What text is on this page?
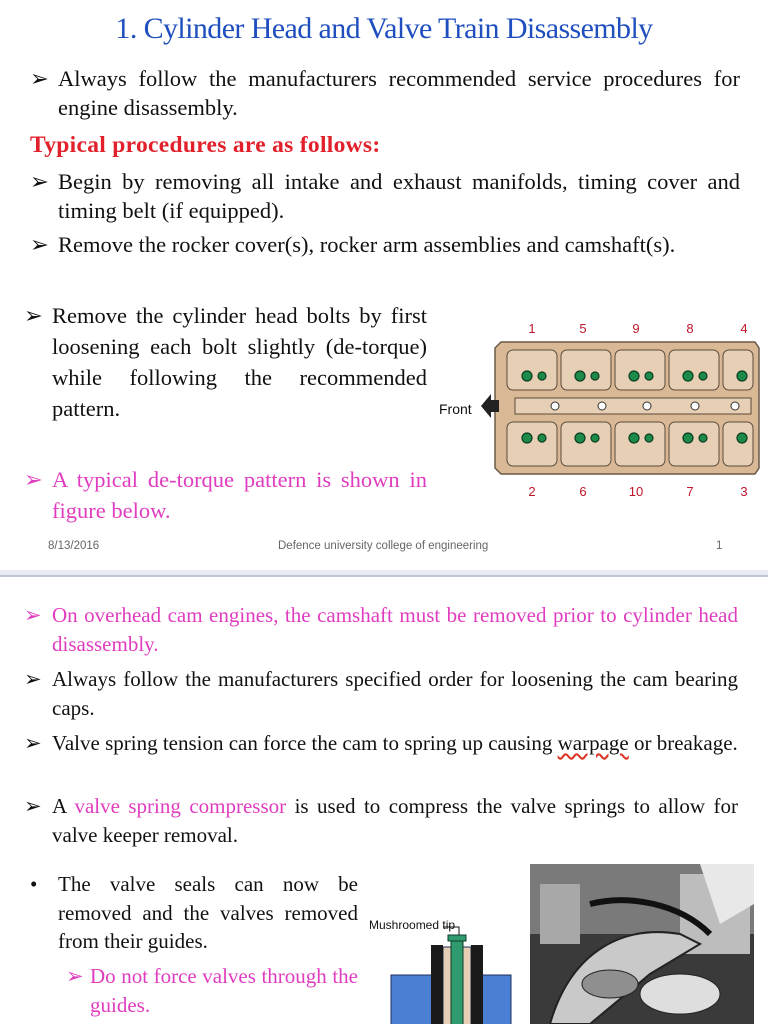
1. Cylinder Head and Valve Train Disassembly
➢ Always follow the manufacturers recommended service procedures for engine disassembly.
Typical procedures are as follows:
➢ Begin by removing all intake and exhaust manifolds, timing cover and timing belt (if equipped).
➢ Remove the rocker cover(s), rocker arm assemblies and camshaft(s).
➢ Remove the cylinder head bolts by first loosening each bolt slightly (de-torque) while following the recommended pattern.
➢ A typical de-torque pattern is shown in figure below.
1	5	9	8	4
2	6	10	7	3
Front
8/13/2016	Defence university college of engineering	1
➢ On overhead cam engines, the camshaft must be removed prior to cylinder head disassembly.
➢ Always follow the manufacturers specified order for loosening the cam bearing caps.
➢ Valve spring tension can force the cam to spring up causing warpage or breakage.
➢ A valve spring compressor is used to compress the valve springs to allow for valve keeper removal.
• The valve seals can now be removed and the valves removed from their guides.
➢ Do not force valves through the guides.
Mushroomed tip
